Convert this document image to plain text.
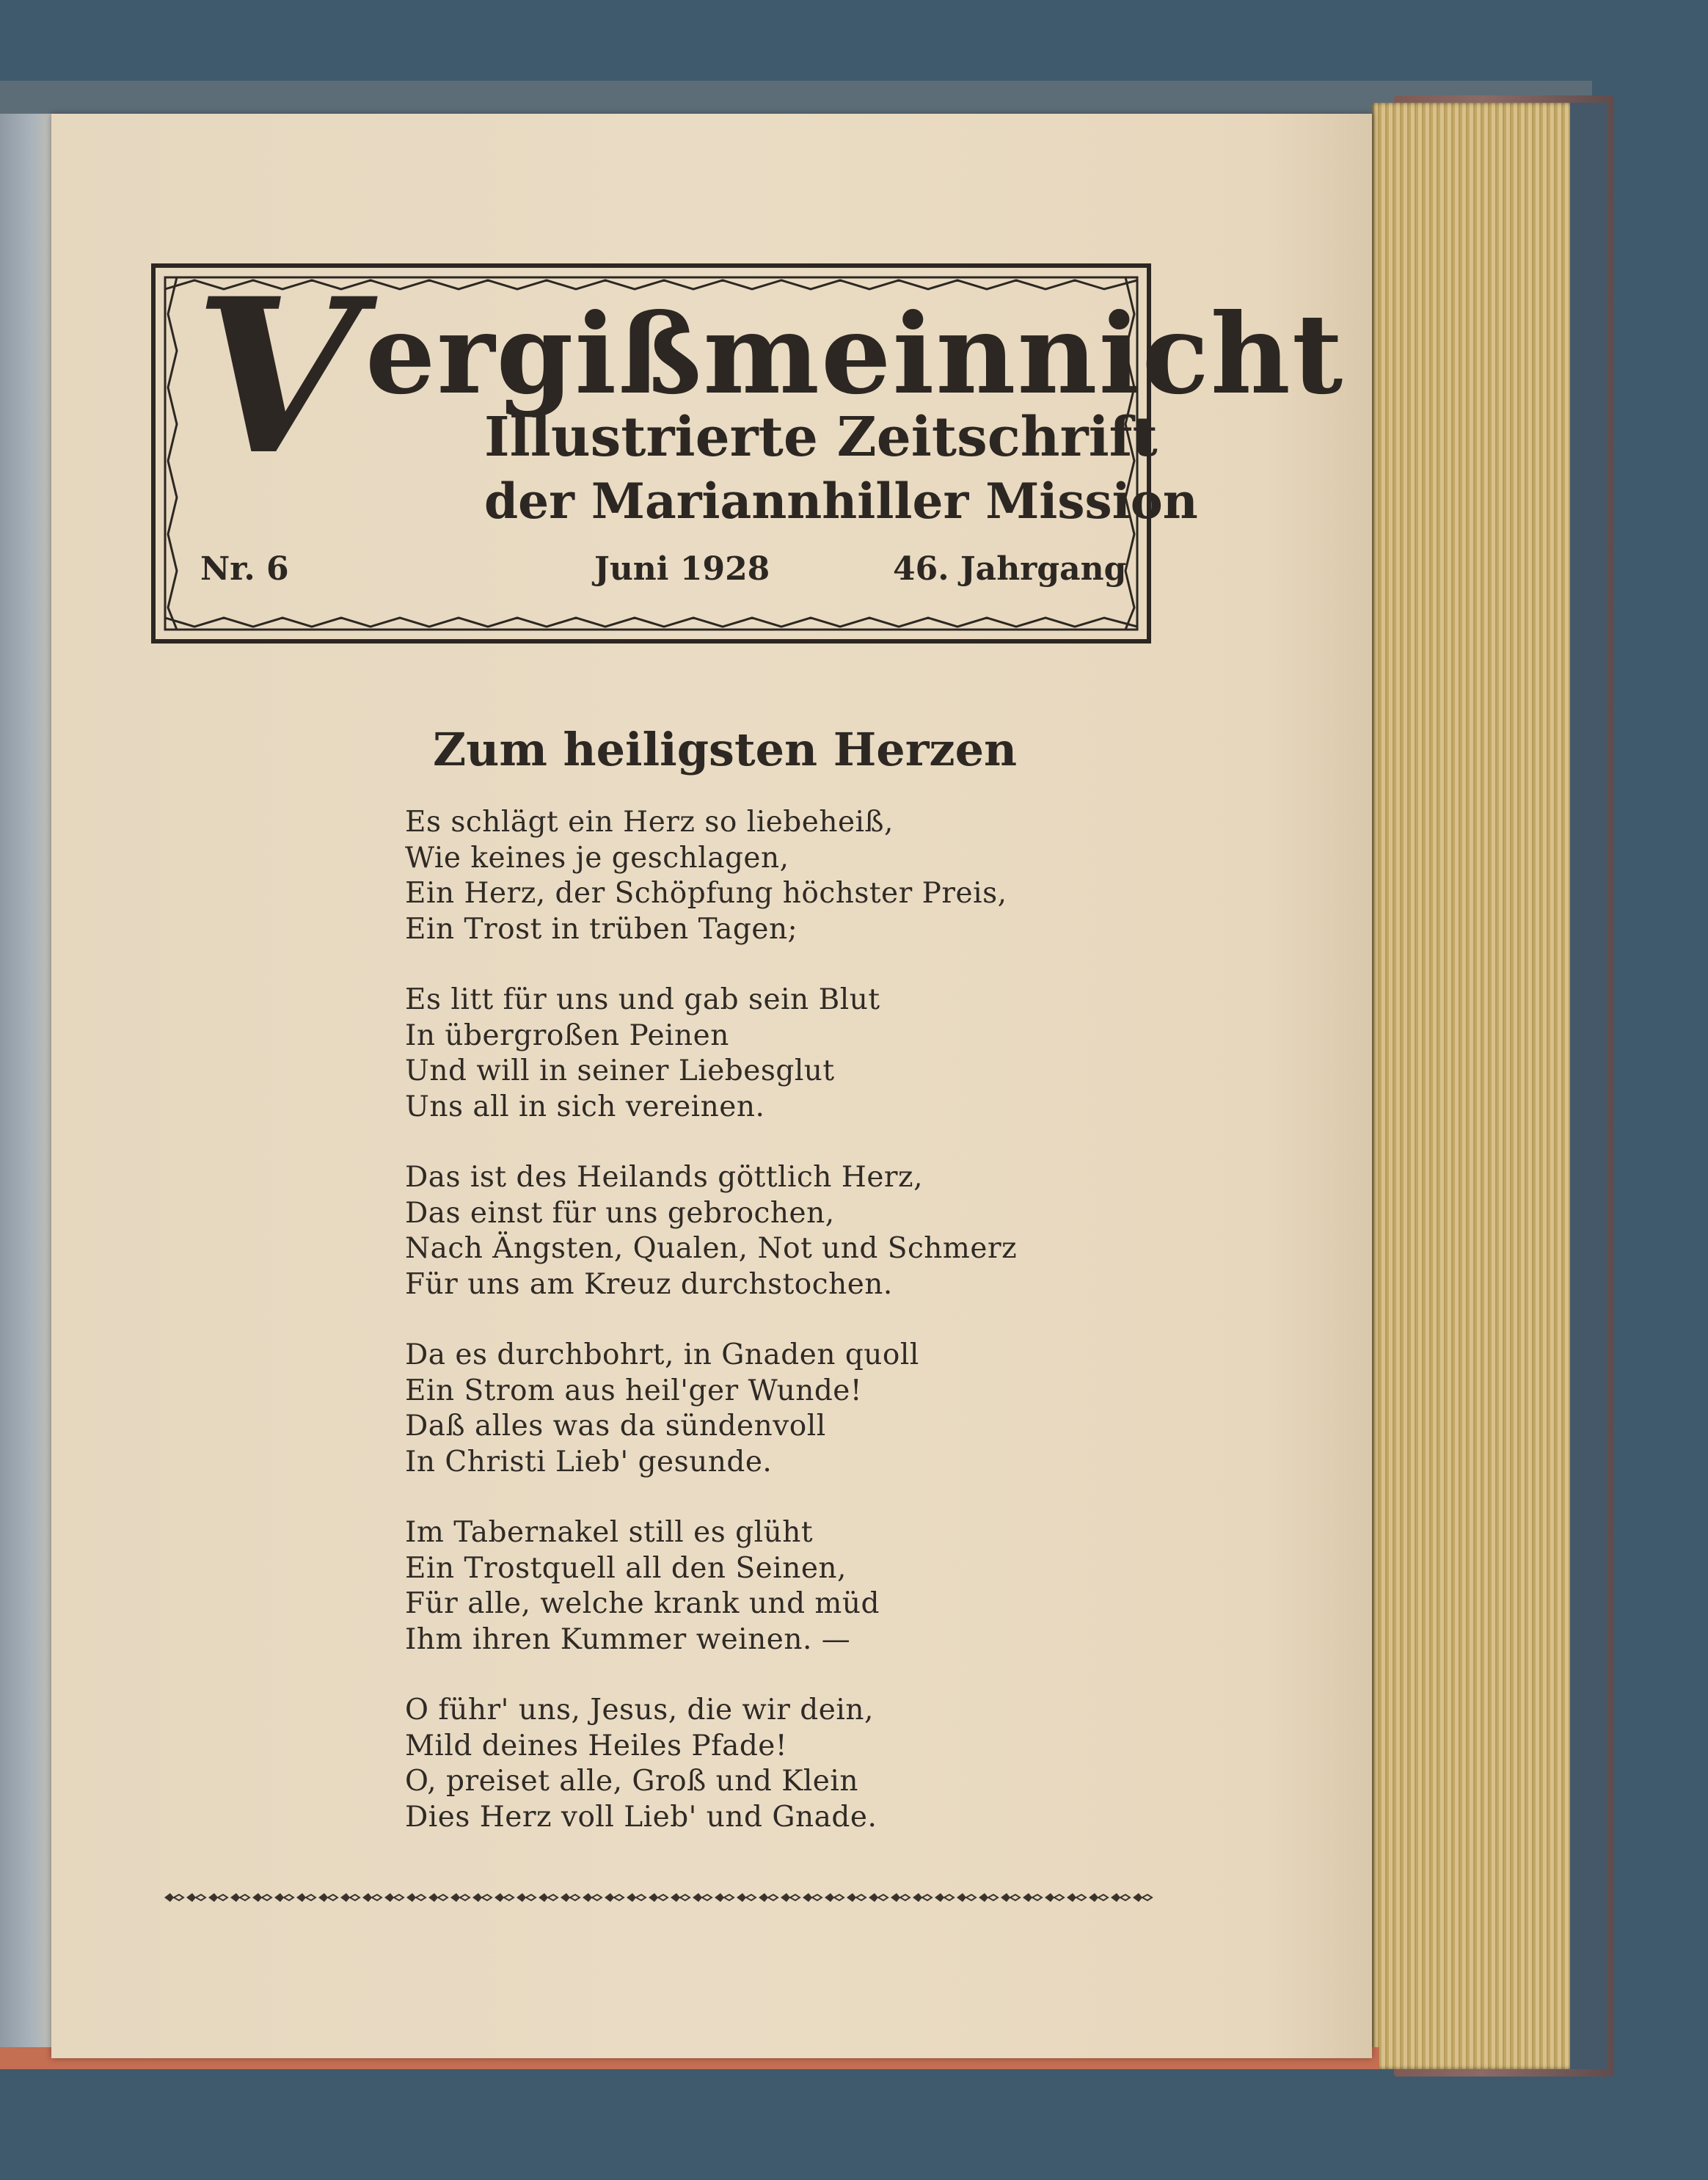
Vergißmeinnicht
Illustrierte Zeitschrift
der Mariannhiller Mission
Nr. 6	Juni 1928	46. Jahrgang
Zum heiligsten Herzen
Es schlägt ein Herz so liebeheiß,
Wie keines je geschlagen,
Ein Herz, der Schöpfung höchster Preis,
Ein Trost in trüben Tagen;
Es litt für uns und gab sein Blut
In übergroßen Peinen
Und will in seiner Liebesglut
Uns all in sich vereinen.
Das ist des Heilands göttlich Herz,
Das einst für uns gebrochen,
Nach Ängsten, Qualen, Not und Schmerz
Für uns am Kreuz durchstochen.
Da es durchbohrt, in Gnaden quoll
Ein Strom aus heil'ger Wunde!
Daß alles was da sündenvoll
In Christi Lieb' gesunde.
Im Tabernakel still es glüht
Ein Trostquell all den Seinen,
Für alle, welche krank und müd
Ihm ihren Kummer weinen. —
O führ' uns, Jesus, die wir dein,
Mild deines Heiles Pfade!
O, preiset alle, Groß und Klein
Dies Herz voll Lieb' und Gnade.
